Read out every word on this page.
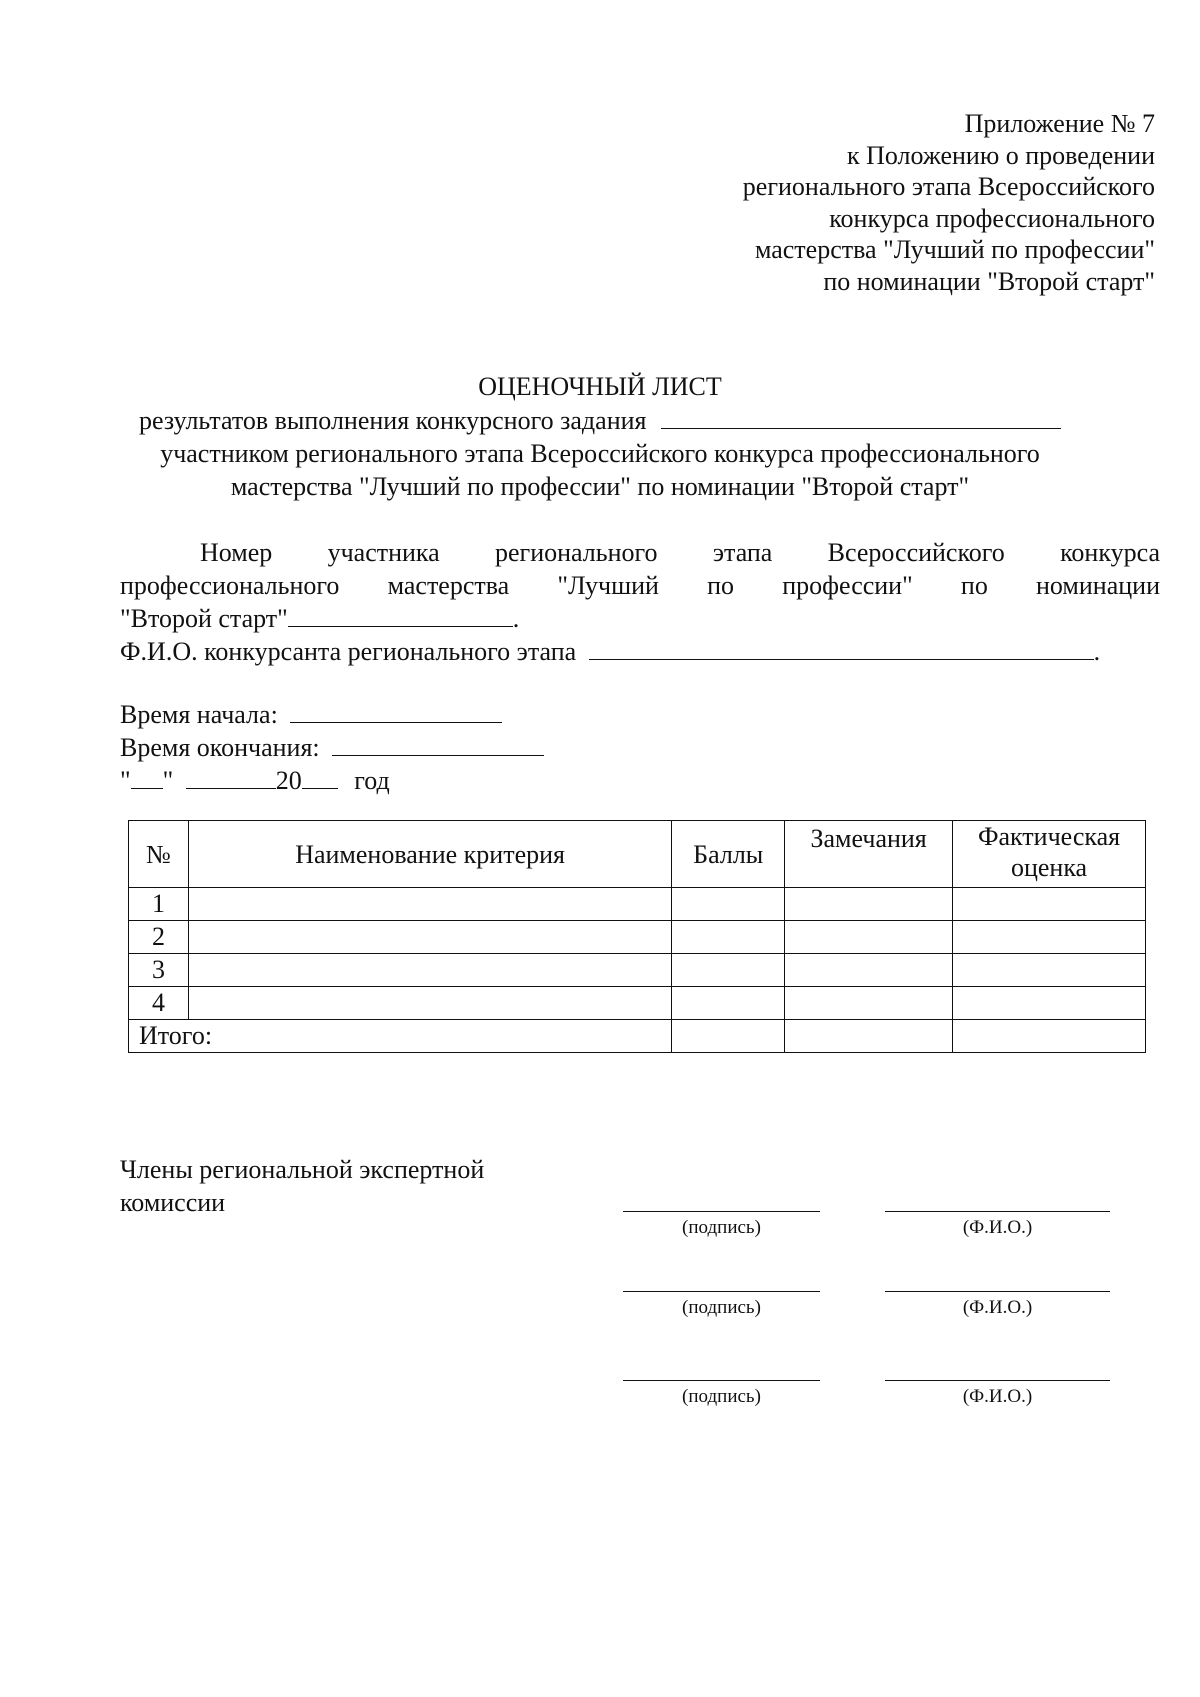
Приложение № 7
к Положению о проведении
регионального этапа Всероссийского
конкурса профессионального
мастерства "Лучший по профессии"
по номинации "Второй старт"
ОЦЕНОЧНЫЙ ЛИСТ
результатов выполнения конкурсного задания
участником регионального этапа Всероссийского конкурса профессионального
мастерства "Лучший по профессии" по номинации "Второй старт"
Номер участника регионального этапа Всероссийского конкурса
профессионального мастерства "Лучший по профессии" по номинации
"Второй старт"	.
Ф.И.О. конкурсанта регионального этапа	.
Время начала:
Время окончания:
" "	20 год
№	Наименование критерия	Баллы	Замечания	Фактическая оценка
1				
2				
3				
4				
Итого:				
Члены региональной экспертной
комиссии
(подпись)	(Ф.И.О.)
(подпись)	(Ф.И.О.)
(подпись)	(Ф.И.О.)
